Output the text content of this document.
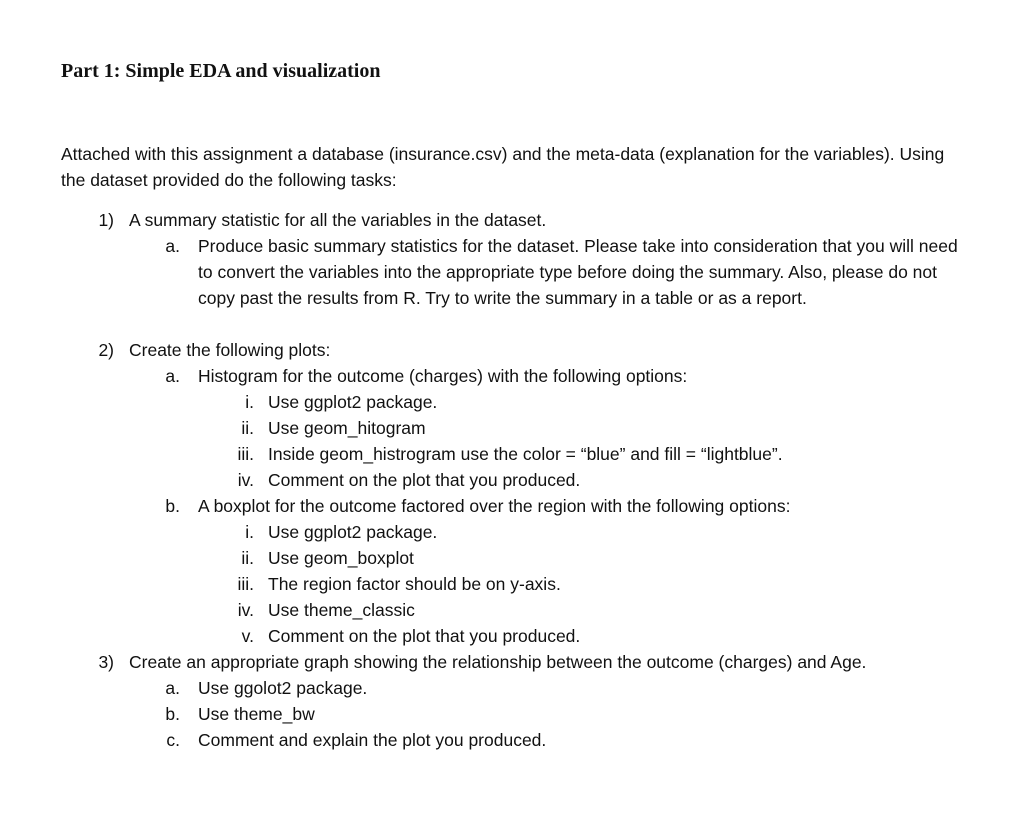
Part 1: Simple EDA and visualization
Attached with this assignment a database (insurance.csv) and the meta-data (explanation for the variables). Using the dataset provided do the following tasks:
1) A summary statistic for all the variables in the dataset.
a. Produce basic summary statistics for the dataset. Please take into consideration that you will need to convert the variables into the appropriate type before doing the summary. Also, please do not copy past the results from R. Try to write the summary in a table or as a report.
2) Create the following plots:
a. Histogram for the outcome (charges) with the following options:
i. Use ggplot2 package.
ii. Use geom_hitogram
iii. Inside geom_histrogram use the color = “blue” and fill = “lightblue”.
iv. Comment on the plot that you produced.
b. A boxplot for the outcome factored over the region with the following options:
i. Use ggplot2 package.
ii. Use geom_boxplot
iii. The region factor should be on y-axis.
iv. Use theme_classic
v. Comment on the plot that you produced.
3) Create an appropriate graph showing the relationship between the outcome (charges) and Age.
a. Use ggolot2 package.
b. Use theme_bw
c. Comment and explain the plot you produced.
